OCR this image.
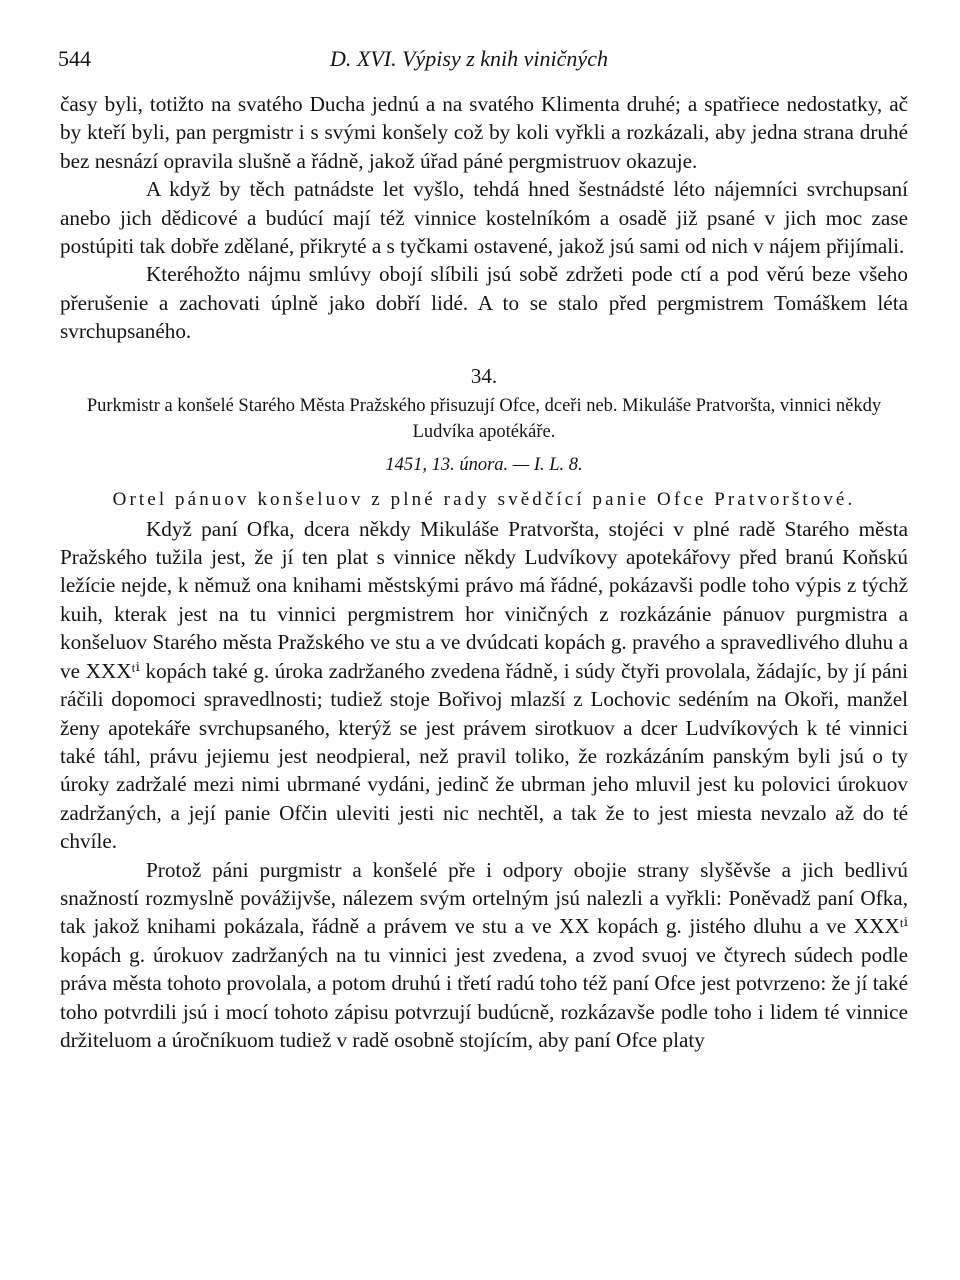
544	D. XVI. Výpisy z knih viničných

časy byli, totižto na svatého Ducha jednú a na svatého Klimenta druhé; a spatřiece nedostatky, ač by kteří byli, pan pergmistr i s svými konšely což by koli vyřkli a rozkázali, aby jedna strana druhé bez nesnází opravila slušně a řádně, jakož úřad páné pergmistruov okazuje.

A když by těch patnádste let vyšlo, tehdá hned šestnádsté léto nájemníci svrchupsaní anebo jich dědicové a budúcí mají též vinnice kostelníkóm a osadě již psané v jich moc zase postúpiti tak dobře zdělané, přikryté a s tyčkami ostavené, jakož jsú sami od nich v nájem přijímali.

Kteréhožto nájmu smlúvy obojí slíbili jsú sobě zdržeti pode ctí a pod věrú beze všeho přerušenie a zachovati úplně jako dobří lidé. A to se stalo před pergmistrem Tomáškem léta svrchupsaného.

34.
Purkmistr a konšelé Starého Města Pražského přisuzují Ofce, dceři neb. Mikuláše Pratvoršta, vinnici někdy Ludvíka apotékáře.
1451, 13. února. — I. L. 8.
Ortel pánuov konšeluov z plné rady svědčící panie Ofce Pratvorštové.

Když paní Ofka, dcera někdy Mikuláše Pratvoršta, stojéci v plné radě Starého města Pražského tužila jest, že jí ten plat s vinnice někdy Ludvíkovy apotekářovy před branú Koňskú ležície nejde, k němuž ona knihami městskými právo má řádné, pokázavši podle toho výpis z týchž kuih, kterak jest na tu vinnici pergmistrem hor viničných z rozkázánie pánuov purgmistra a konšeluov Starého města Pražského ve stu a ve dvúdcati kopách g. pravého a spravedlivého dluhu a ve XXXᵗⁱ kopách také g. úroka zadržaného zvedena řádně, i súdy čtyři provolala, žádajíc, by jí páni ráčili dopomoci spravedlnosti; tudiež stoje Bořivoj mlazší z Lochovic sedéním na Okoři, manžel ženy apotekáře svrchupsaného, kterýž se jest právem sirotkuov a dcer Ludvíkových k té vinnici také táhl, právu jejiemu jest neodpieral, než pravil toliko, že rozkázáním panským byli jsú o ty úroky zadržalé mezi nimi ubrmané vydáni, jedinč že ubrman jeho mluvil jest ku polovici úrokuov zadržaných, a její panie Ofčin uleviti jesti nic nechtěl, a tak že to jest miesta nevzalo až do té chvíle.

Protož páni purgmistr a konšelé pře i odpory obojie strany slyšěvše a jich bedlivú snažností rozmyslně povážijvše, nálezem svým ortelným jsú nalezli a vyřkli: Poněvadž paní Ofka, tak jakož knihami pokázala, řádně a právem ve stu a ve XX kopách g. jistého dluhu a ve XXXᵗⁱ kopách g. úrokuov zadržaných na tu vinnici jest zvedena, a zvod svuoj ve čtyrech súdech podle práva města tohoto provolala, a potom druhú i třetí radú toho též paní Ofce jest potvrzeno: že jí také toho potvrdili jsú i mocí tohoto zápisu potvrzují budúcně, rozkázavše podle toho i lidem té vinnice držiteluom a úročníkuom tudiež v radě osobně stojícím, aby paní Ofce platy
